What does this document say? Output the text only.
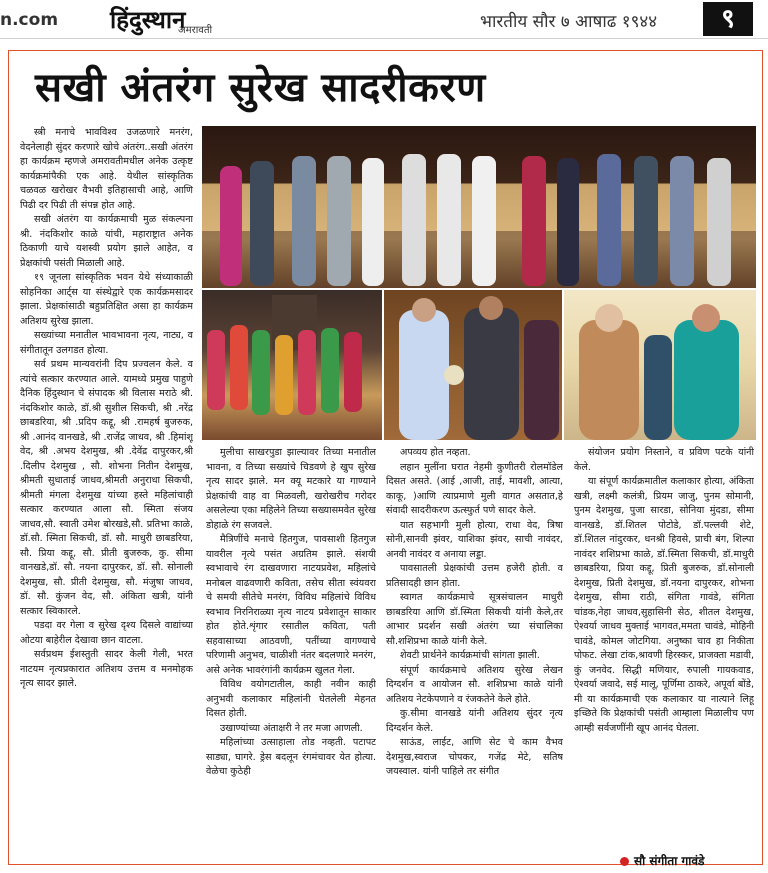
n.com हिंदुस्थान
अमरावती	भारतीय सौर ७ आषाढ १९४४	९
सखी अंतरंग सुरेख सादरीकरण

स्त्री मनाचे भावविश्व उजळणारे मनरंग, वेदनेलाही सुंदर करणारे खोचे अंतरंग..सखी अंतरंग हा कार्यक्रम म्हणजे अमरावतीमधील अनेक उत्कृष्ट कार्यक्रमांपैकी एक आहे. येथील सांस्कृतिक चळवळ खरोखर वैभवी इतिहासाची आहे, आणि पिढी दर पिढी ती संपन्न होत आहे.

सखी अंतरंग या कार्यक्रमाची मुळ संकल्पना श्री. नंदकिशोर काळे यांची, महाराष्ट्रात अनेक ठिकाणी याचे यशस्वी प्रयोग झाले आहेत, व प्रेक्षकांची पसंती मिळाली आहे.

१९ जूनला सांस्कृतिक भवन येथे संध्याकाळी सोहनिका आर्ट्स या संस्थेद्वारे एक कार्यक्रमसादर झाला. प्रेक्षकांसाठी बहुप्रतिक्षित असा हा कार्यक्रम अतिशय सुरेख झाला.

सख्यांच्या मनातील भावभावना नृत्य, नाट्य, व संगीतातून उलगडत होत्या.

सर्व प्रथम मान्यवरांनी दिप प्रज्वलन केले. व त्यांचे सत्कार करण्यात आले. यामध्ये प्रमुख पाहुणे दैनिक हिंदुस्थान चे संपादक श्री विलास मराठे श्री. नंदकिशोर काळे, डॉ.श्री सुशील सिकची, श्री .नरेंद्र छाबडरिया, श्री .प्रदिप कद्दू, श्री .रामहर्ष बुजरुक, श्री .आनंद वानखडे, श्री .राजेंद्र जाधव, श्री .हिमांशू वेद, श्री .अभय देशमुख, श्री .देवेंद्र दापुरकर,श्री .दिलीप देशमुख , सौ. शोभना नितीन देशमुख, श्रीमती सुधाताई जाधव,श्रीमती अनुराधा सिकची, श्रीमती मंगला देशमुख यांच्या हस्ते महिलांचाही सत्कार करण्यात आला सौ. स्मिता संजय जाधव,सौ. स्वाती उमेश बोरखडे,सौ. प्रतिभा काळे, डॉ.सौ. स्मिता सिकची, डॉ. सौ. माधुरी छाबडरिया, सौ. प्रिया कद्दू, सौ. प्रीती बुजरुक, कु. सीमा वानखडे,डॉ. सौ. नयना दापुरकर, डॉ. सौ. सोनाली देशमुख, सौ. प्रीती देशमुख, सौ. मंजुषा जाधव, डॉ. सौ. कुंजन वेद, सौ. अंकिता खत्री, यांनी सत्कार स्विकारले.

पडदा वर गेला व सुरेख दृश्य दिसले वाद्यांच्या ओटया बाहेरील देखावा छान वाटला.

सर्वप्रथम ईशस्तुती सादर केली गेली, भरत नाटयम नृत्यप्रकारात अतिशय उत्तम व मनमोहक नृत्य सादर झाले.

मुलीचा साखरपुडा झाल्यावर तिच्या मनातील भावना, व तिच्या सख्यांचे चिडवणे हे खुप सुरेख नृत्य सादर झाले. मन क्यू मटकारे या गाण्याने प्रेक्षकांची वाह वा मिळवली, खरोखरीच गरोदर असलेल्या एका महिलेने तिच्या सख्यासमवेत सुरेख डोहाळे रंग सजवले.

मैत्रिणींचे मनाचे हितगुज, पावसाशी हितगुज यावरील नृत्ये पसंत अग्रतिम झाले. संशयी स्वभावाचे रंग दाखवणारा नाटयप्रवेश, महिलांचे मनोबल वाढवणारी कविता, तसेच सीता स्वंयवरा चे समयी सीतेचे मनरंग, विविध महिलांचे विविध स्वभाव निरनिराळ्या नृत्य नाटय प्रवेशातून साकार होत होते.शृंगार रसातील कविता, पती सहवासाच्या आठवणी, पतींच्या वागण्याचे परिणामी अनुभव, चाळीशी नंतर बदलणारे मनरंग, असे अनेक भावरंगांनी कार्यक्रम खुलत गेला.

विविध वयोगटातील, काही नवीन काही अनुभवी कलाकार महिलांनी घेतलेली मेहनत दिसत होती.

उखाण्यांच्या अंताक्षरी ने तर मजा आणली.

महिलांच्या उत्साहाला तोड नव्हती. पटापट साड्या, घागरे. ड्रेस बदलून रंगमंचावर येत होत्या. वेळेचा कुठेही

अपव्यय होत नव्हता.

लहान मुलींना घरात नेहमी कुणीतरी रोलमॉडेल दिसत असते. (आई ,आजी, ताई, मावशी, आत्या, काकू, )आणि त्याप्रमाणे मुली वागत असतात,हे संवादी सादरीकरण ऊत्स्फुर्त पणे सादर केले.

यात सहभागी मुली होत्या, राधा वेद, त्रिषा सोनी,सानवी झंवर, याशिका झंवर, साची नावंदर, अनवी नावंदर व अनाया लड्डा.

पावसातली प्रेक्षकांची उत्तम हजेरी होती. व प्रतिसादही छान होता.

स्वागत कार्यक्रमाचे सूत्रसंचालन माधुरी छाबडरिया आणि डॉ.स्मिता सिकची यांनी केले,तर आभार प्रदर्शन सखी अंतरंग च्या संचालिका सौ.शशिप्रभा काळे यांनी केले.

शेवटी प्रार्थनेने कार्यक्रमांची सांगता झाली.

संपूर्ण कार्यक्रमाचे अतिशय सुरेख लेखन दिग्दर्शन व आयोजन सौ. शशिप्रभा काळे यांनी अतिशय नेटकेपणाने व रंजकतेने केले होते.

कु.सीमा वानखडे यांनी अतिशय सुंदर नृत्य दिग्दर्शन केले.

साऊंड, लाईट, आणि सेट चे काम वैभव देशमुख,स्वराज चोपकर, गजेंद्र मेटे, सतिष जयस्वाल. यांनी पाहिले तर संगीत

संयोजन प्रयोग निस्ताने, व प्रविण पटके यांनी केले.

या संपूर्ण कार्यक्रमातील कलाकार होत्या, अंकिता खत्री, लक्ष्मी कलंत्री, प्रियम जाजु, पुनम सोमानी, पुनम देशमुख, पुजा सारडा, सोनिया मुंदडा, सीमा वानखडे, डॉ.शितल पोटोडे, डॉ.पल्लवी शेटे, डॉ.शितल नांदुरकर, धनश्री हिवसे, प्राची बंग, शिल्पा नावंदर शशिप्रभा काळे, डॉ.स्मिता सिकची, डॉ.माधुरी छाबडरिया, प्रिया कद्दू, प्रिती बुजरुक, डॉ.सोनाली देशमुख, प्रिती देशमुख, डॉ.नयना दापुरकर, शोभना देशमुख, सीमा राठी, संगिता गावंडे, संगिता चांडक,नेहा जाधव,सुहासिनी सेठ, शीतल देशमुख, ऐश्वर्या जाधव मुक्ताई भागवत,ममता चावंडे, मोहिनी चावंडे, कोमल जोटगिया. अनुष्का चाव हा निकीता पोफट. लेखा टांक,श्रावणी हिरस्कर, प्राजक्ता मडावी, कुं जनवेद. सिद्धी मणियार, रुपाली गायकवाड, ऐश्वर्या जवादे, सई मालू, पूर्णिमा ठाकरे, अपूर्वा बोंडे, मी या कार्यक्रमाची एक कलाकार या नात्याने लिहू इच्छिते कि प्रेक्षकांची पसंती आम्हाला मिळालीच पण आम्ही सर्वजणींनी खूप आनंद घेतला.

सौ संगीता गावंडे
